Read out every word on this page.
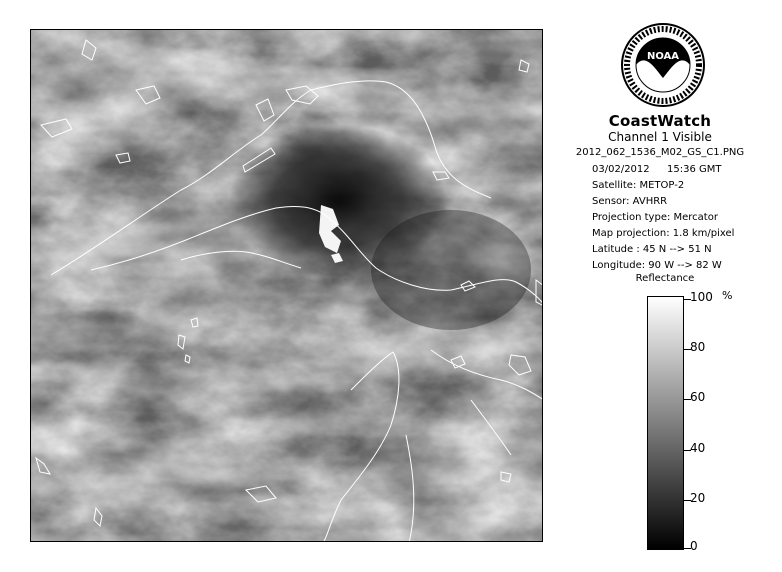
NOAA
CoastWatch
Channel 1 Visible
2012_062_1536_M02_GS_C1.PNG
03/02/2012 15:36 GMT
Satellite: METOP-2
Sensor: AVHRR
Projection type: Mercator
Map projection: 1.8 km/pixel
Latitude : 45 N --> 51 N
Longitude: 90 W --> 82 W
Reflectance
%
100
80
60
40
20
0
